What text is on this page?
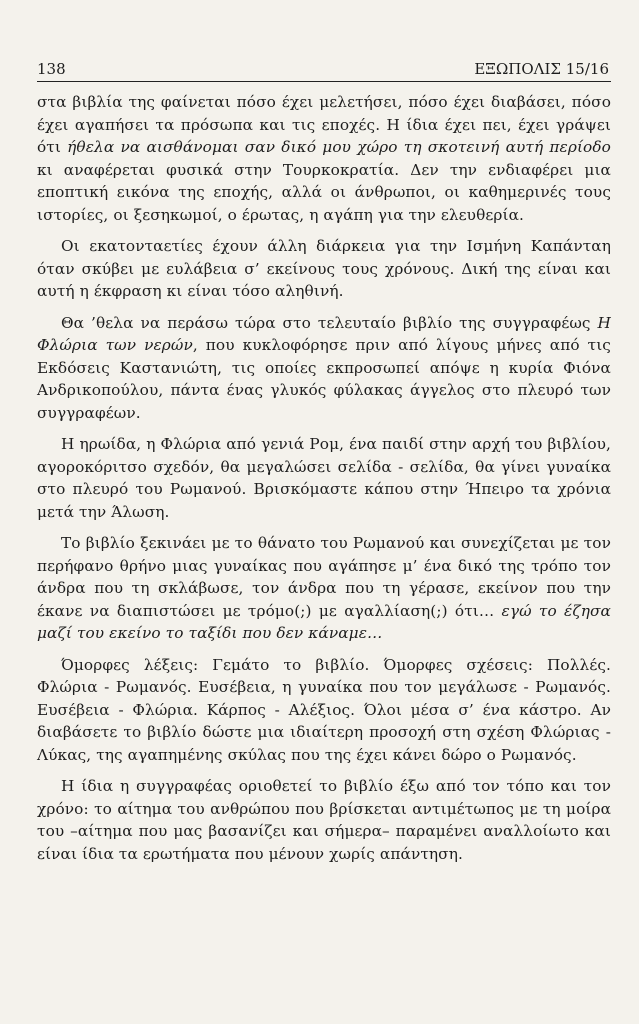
138	ΕΞΩΠΟΛΙΣ 15/16

στα βιβλία της φαίνεται πόσο έχει μελετήσει, πόσο έχει διαβάσει, πόσο έχει αγαπήσει τα πρόσωπα και τις εποχές. Η ίδια έχει πει, έχει γράψει ότι ήθελα να αισθάνομαι σαν δικό μου χώρο τη σκοτεινή αυτή περίοδο κι αναφέρεται φυσικά στην Τουρκοκρατία. Δεν την ενδιαφέρει μια εποπτική εικόνα της εποχής, αλλά οι άνθρωποι, οι καθημερινές τους ιστορίες, οι ξεσηκωμοί, ο έρωτας, η αγάπη για την ελευθερία.

Οι εκατονταετίες έχουν άλλη διάρκεια για την Ισμήνη Καπάνταη όταν σκύβει με ευλάβεια σ’ εκείνους τους χρόνους. Δική της είναι και αυτή η έκφραση κι είναι τόσο αληθινή.

Θα ’θελα να περάσω τώρα στο τελευταίο βιβλίο της συγγραφέως Η Φλώρια των νερών, που κυκλοφόρησε πριν από λίγους μήνες από τις Εκδόσεις Καστανιώτη, τις οποίες εκπροσωπεί απόψε η κυρία Φιόνα Ανδρικοπούλου, πάντα ένας γλυκός φύλακας άγγελος στο πλευρό των συγγραφέων.

Η ηρωίδα, η Φλώρια από γενιά Ρομ, ένα παιδί στην αρχή του βιβλίου, αγοροκόριτσο σχεδόν, θα μεγαλώσει σελίδα - σελίδα, θα γίνει γυναίκα στο πλευρό του Ρωμανού. Βρισκόμαστε κάπου στην Ήπειρο τα χρόνια μετά την Άλωση.

Το βιβλίο ξεκινάει με το θάνατο του Ρωμανού και συνεχίζεται με τον περήφανο θρήνο μιας γυναίκας που αγάπησε μ’ ένα δικό της τρόπο τον άνδρα που τη σκλάβωσε, τον άνδρα που τη γέρασε, εκείνον που την έκανε να διαπιστώσει με τρόμο(;) με αγαλλίαση(;) ότι… εγώ το έζησα μαζί του εκείνο το ταξίδι που δεν κάναμε…

Όμορφες λέξεις: Γεμάτο το βιβλίο. Όμορφες σχέσεις: Πολλές. Φλώρια - Ρωμανός. Ευσέβεια, η γυναίκα που τον μεγάλωσε - Ρωμανός. Ευσέβεια - Φλώρια. Κάρπος - Αλέξιος. Όλοι μέσα σ’ ένα κάστρο. Αν διαβάσετε το βιβλίο δώστε μια ιδιαίτερη προσοχή στη σχέση Φλώριας - Λύκας, της αγαπημένης σκύλας που της έχει κάνει δώρο ο Ρωμανός.

Η ίδια η συγγραφέας οριοθετεί το βιβλίο έξω από τον τόπο και τον χρόνο: το αίτημα του ανθρώπου που βρίσκεται αντιμέτωπος με τη μοίρα του –αίτημα που μας βασανίζει και σήμερα– παραμένει αναλλοίωτο και είναι ίδια τα ερωτήματα που μένουν χωρίς απάντηση.
